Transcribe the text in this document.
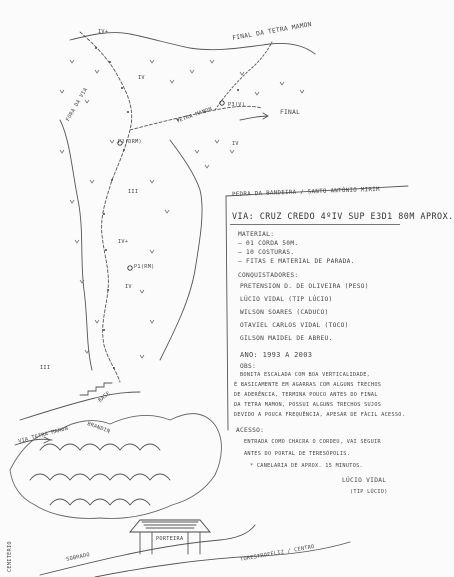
FINAL DA TETRA MAMON
FINAL
IV+
IV
IV
P3(V)
P2(DRM)
III
IV+
P1(RM)
IV
III
FORA DA VIA	TETRA MAMON
VIA TETRA MAMON
BASE
BRANDIN
CEMITÉRIO	SOBRADO
PORTEIRA
TORESTROFELIZ / CENTRO
PEDRA DA BANDEIRA / SANTO ANTÔNIO MIRIM
VIA: CRUZ CREDO 4ºIV SUP E3D1 80M APROX.
MATERIAL:
– 01 CORDA 50M.
– 10 COSTURAS.
– FITAS E MATERIAL DE PARADA.
CONQUISTADORES:
PRETENSION D. DE OLIVEIRA (PESO)
LÚCIO VIDAL (TIP LÚCIO)
WILSON SOARES (CADUCO)
OTAVIEL CARLOS VIDAL (TOCO)
GILSON MAIDEL DE ABREU.
ANO: 1993 A 2003
OBS:
BONITA ESCALADA COM BOA VERTICALIDADE,
É BASICAMENTE EM AGARRAS COM ALGUNS TRECHOS
DE ADERÊNCIA, TERMINA POUCO ANTES DO FINAL
DA TETRA MAMON, POSSUI ALGUNS TRECHOS SUJOS
DEVIDO A POUCA FREQUÊNCIA, APESAR DE FÁCIL ACESSO.
ACESSO:
ENTRADA COMO CHACRA O CORDEU, VAI SEGUIR
ANTES DO PORTAL DE TERESÓPOLIS.
* CANELARIA DE APROX. 15 MINUTOS.
LÚCIO VIDAL
(TIP LÚCIO)
